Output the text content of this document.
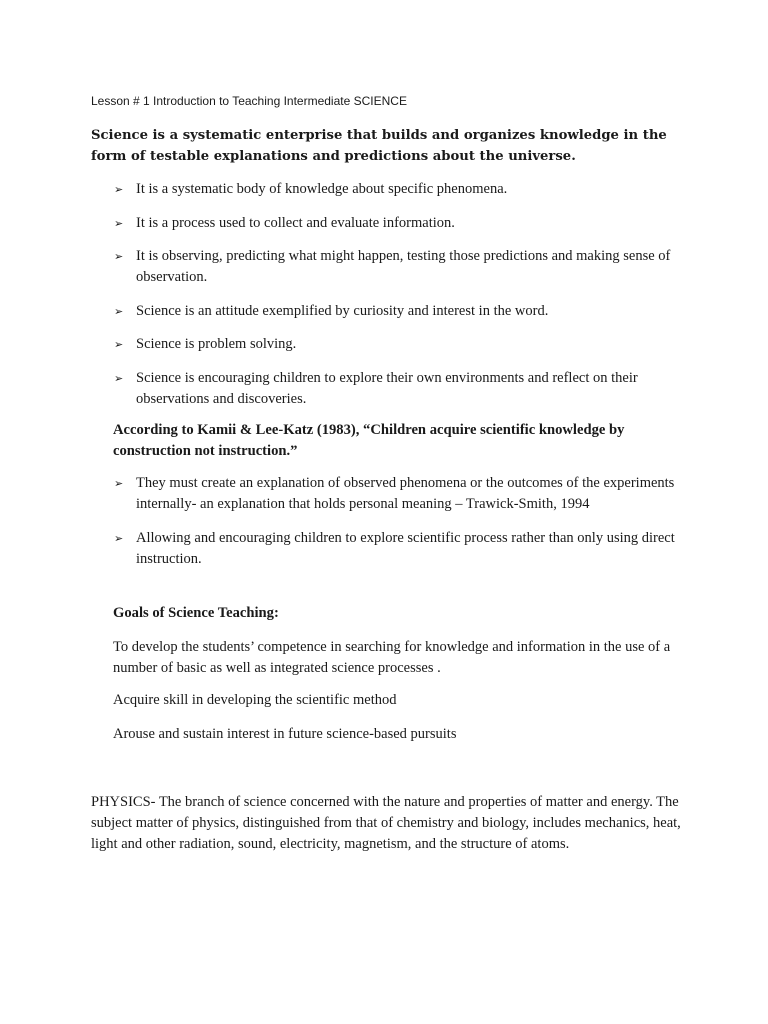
Lesson # 1 Introduction to Teaching Intermediate SCIENCE
Science is a systematic enterprise that builds and organizes knowledge in the form of testable explanations and predictions about the universe.
➢ It is a systematic body of knowledge about specific phenomena.
➢ It is a process used to collect and evaluate information.
➢ It is observing, predicting what might happen, testing those predictions and making sense of observation.
➢ Science is an attitude exemplified by curiosity and interest in the word.
➢ Science is problem solving.
➢ Science is encouraging children to explore their own environments and reflect on their observations and discoveries.
According to Kamii & Lee-Katz (1983), “Children acquire scientific knowledge by construction not instruction.”
➢ They must create an explanation of observed phenomena or the outcomes of the experiments internally- an explanation that holds personal meaning – Trawick-Smith, 1994
➢ Allowing and encouraging children to explore scientific process rather than only using direct instruction.
Goals of Science Teaching:
To develop the students’ competence in searching for knowledge and information in the use of a number of basic as well as integrated science processes .
Acquire skill in developing the scientific method
Arouse and sustain interest in future science-based pursuits
PHYSICS- The branch of science concerned with the nature and properties of matter and energy. The subject matter of physics, distinguished from that of chemistry and biology, includes mechanics, heat, light and other radiation, sound, electricity, magnetism, and the structure of atoms.
